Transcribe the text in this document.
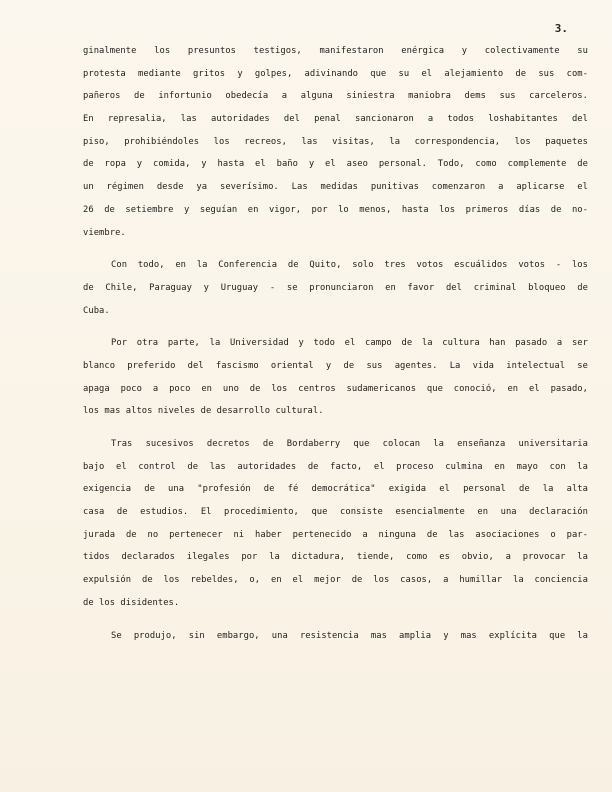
3.
ginalmente los presuntos testigos, manifestaron enérgica y colectivamente su
protesta mediante gritos y golpes, adivinando que su el alejamiento de sus com-
pañeros de infortunio obedecía a alguna siniestra maniobra dems sus carceleros.
En represalia, las autoridades del penal sancionaron a todos loshabitantes del
piso, prohibiéndoles los recreos, las visitas, la correspondencia, los paquetes
de ropa y comida, y hasta el baño y el aseo personal. Todo, como complemente de
un régimen desde ya severísimo. Las medidas punitivas comenzaron a aplicarse el
26 de setiembre y seguían en vigor, por lo menos, hasta los primeros días de no-
viembre.
Con todo, en la Conferencia de Quito, solo tres votos escuálidos votos - los
de Chile, Paraguay y Uruguay - se pronunciaron en favor del criminal bloqueo de
Cuba.
Por otra parte, la Universidad y todo el campo de la cultura han pasado a ser
blanco preferido del fascismo oriental y de sus agentes. La vida intelectual se
apaga poco a poco en uno de los centros sudamericanos que conoció, en el pasado,
los mas altos niveles de desarrollo cultural.
Tras sucesivos decretos de Bordaberry que colocan la enseñanza universitaria
bajo el control de las autoridades de facto, el proceso culmina en mayo con la
exigencia de una "profesión de fé democrática" exigida el personal de la alta
casa de estudios. El procedimiento, que consiste esencialmente en una declaración
jurada de no pertenecer ni haber pertenecido a ninguna de las asociaciones o par-
tidos declarados ilegales por la dictadura, tiende, como es obvio, a provocar la
expulsión de los rebeldes, o, en el mejor de los casos, a humillar la conciencia
de los disidentes.
Se produjo, sin embargo, una resistencia mas amplia y mas explícita que la
